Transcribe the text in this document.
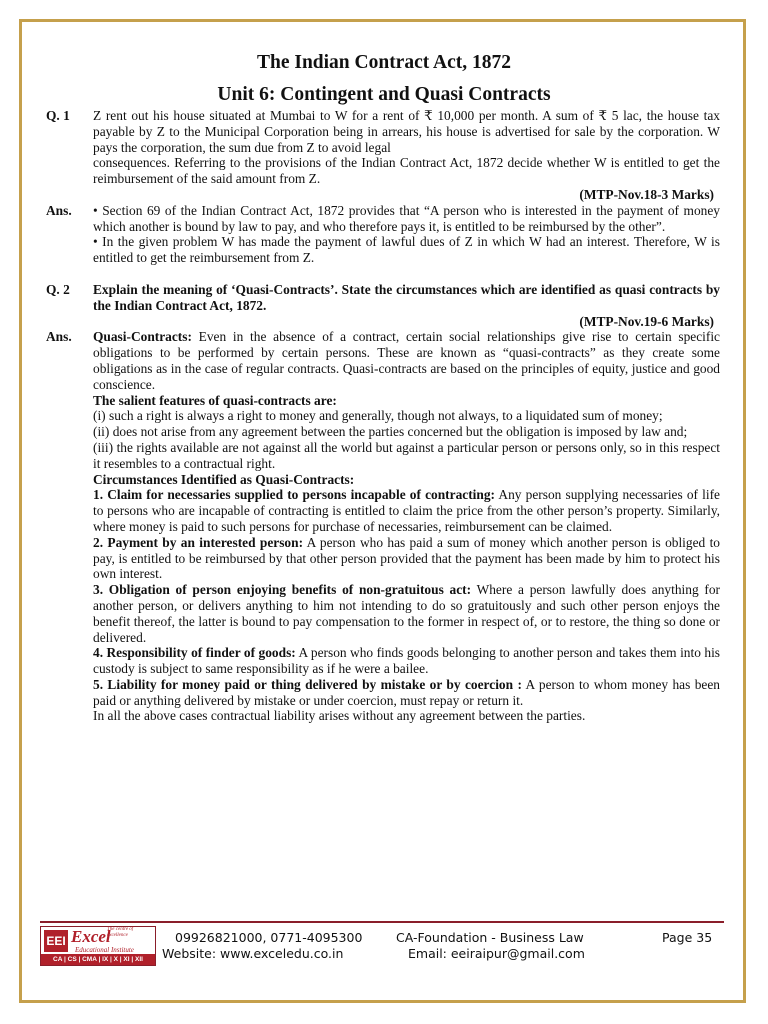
The Indian Contract Act, 1872
Unit 6: Contingent and Quasi Contracts
Q. 1	Z rent out his house situated at Mumbai to W for a rent of ₹ 10,000 per month. A sum of ₹ 5 lac, the house tax payable by Z to the Municipal Corporation being in arrears, his house is advertised for sale by the corporation. W pays the corporation, the sum due from Z to avoid legal

consequences. Referring to the provisions of the Indian Contract Act, 1872 decide whether W is entitled to get the reimbursement of the said amount from Z.

(MTP-Nov.18-3 Marks)
Ans.	• Section 69 of the Indian Contract Act, 1872 provides that “A person who is interested in the payment of money which another is bound by law to pay, and who therefore pays it, is entitled to be reimbursed by the other”.

• In the given problem W has made the payment of lawful dues of Z in which W had an interest. Therefore, W is entitled to get the reimbursement from Z.

Q. 2	Explain the meaning of ‘Quasi-Contracts’. State the circumstances which are identified as quasi contracts by the Indian Contract Act, 1872.

(MTP-Nov.19-6 Marks)
Ans.	Quasi-Contracts: Even in the absence of a contract, certain social relationships give rise to certain specific obligations to be performed by certain persons. These are known as “quasi-contracts” as they create some obligations as in the case of regular contracts. Quasi-contracts are based on the principles of equity, justice and good conscience.

The salient features of quasi-contracts are:

(i) such a right is always a right to money and generally, though not always, to a liquidated sum of money;

(ii) does not arise from any agreement between the parties concerned but the obligation is imposed by law and;

(iii) the rights available are not against all the world but against a particular person or persons only, so in this respect it resembles to a contractual right.

Circumstances Identified as Quasi-Contracts:

1. Claim for necessaries supplied to persons incapable of contracting: Any person supplying necessaries of life to persons who are incapable of contracting is entitled to claim the price from the other person’s property. Similarly, where money is paid to such persons for purchase of necessaries, reimbursement can be claimed.

2. Payment by an interested person: A person who has paid a sum of money which another person is obliged to pay, is entitled to be reimbursed by that other person provided that the payment has been made by him to protect his own interest.

3. Obligation of person enjoying benefits of non-gratuitous act: Where a person lawfully does anything for another person, or delivers anything to him not intending to do so gratuitously and such other person enjoys the benefit thereof, the latter is bound to pay compensation to the former in respect of, or to restore, the thing so done or delivered.

4. Responsibility of finder of goods: A person who finds goods belonging to another person and takes them into his custody is subject to same responsibility as if he were a bailee.

5. Liability for money paid or thing delivered by mistake or by coercion : A person to whom money has been paid or anything delivered by mistake or under coercion, must repay or return it.

In all the above cases contractual liability arises without any agreement between the parties.

EEI
The centre of excellence
Excel
Educational Institute
CA | CS | CMA | IX | X | XI | XII
09926821000, 0771-4095300
Website: www.exceledu.co.in
CA-Foundation - Business Law
Email: eeiraipur@gmail.com
Page 35
